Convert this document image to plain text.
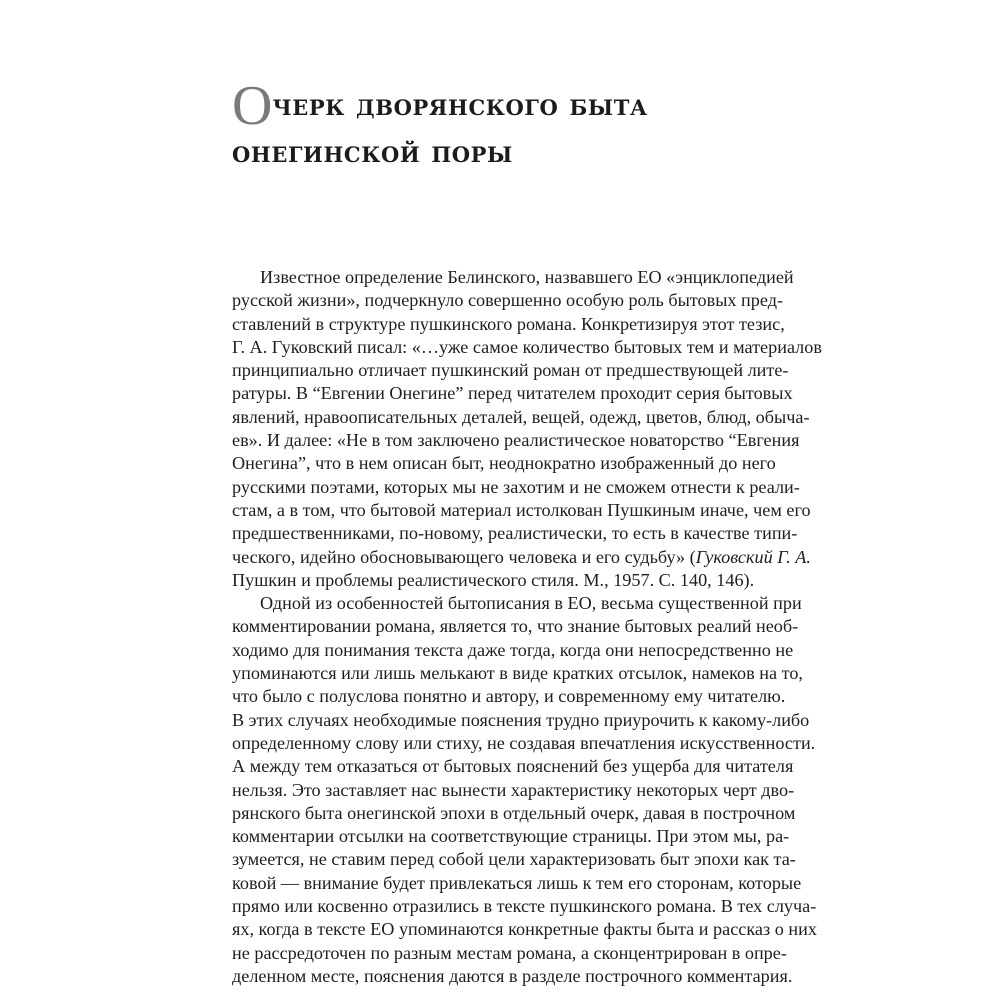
Очерк дворянского быта
онегинской поры
Известное определение Белинского, назвавшего ЕО «энциклопедией
русской жизни», подчеркнуло совершенно особую роль бытовых пред-
ставлений в структуре пушкинского романа. Конкретизируя этот тезис,
Г. А. Гуковский писал: «…уже самое количество бытовых тем и материалов
принципиально отличает пушкинский роман от предшествующей лите-
ратуры. В “Евгении Онегине” перед читателем проходит серия бытовых
явлений, нравоописательных деталей, вещей, одежд, цветов, блюд, обыча-
ев». И далее: «Не в том заключено реалистическое новаторство “Евгения
Онегина”, что в нем описан быт, неоднократно изображенный до него
русскими поэтами, которых мы не захотим и не сможем отнести к реали-
стам, а в том, что бытовой материал истолкован Пушкиным иначе, чем его
предшественниками, по-новому, реалистически, то есть в качестве типи-
ческого, идейно обосновывающего человека и его судьбу» (Гуковский Г. А.
Пушкин и проблемы реалистического стиля. М., 1957. С. 140, 146).
Одной из особенностей бытописания в ЕО, весьма существенной при
комментировании романа, является то, что знание бытовых реалий необ-
ходимо для понимания текста даже тогда, когда они непосредственно не
упоминаются или лишь мелькают в виде кратких отсылок, намеков на то,
что было с полуслова понятно и автору, и современному ему читателю.
В этих случаях необходимые пояснения трудно приурочить к какому-либо
определенному слову или стиху, не создавая впечатления искусственности.
А между тем отказаться от бытовых пояснений без ущерба для читателя
нельзя. Это заставляет нас вынести характеристику некоторых черт дво-
рянского быта онегинской эпохи в отдельный очерк, давая в постpочном
комментарии отсылки на соответствующие страницы. При этом мы, ра-
зумеется, не ставим перед собой цели характеризовать быт эпохи как та-
ковой — внимание будет привлекаться лишь к тем его сторонам, которые
прямо или косвенно отразились в тексте пушкинского романа. В тех случа-
ях, когда в тексте ЕО упоминаются конкретные факты быта и рассказ о них
не рассредоточен по разным местам романа, а сконцентрирован в опре-
деленном месте, пояснения даются в разделе построчного комментария.
